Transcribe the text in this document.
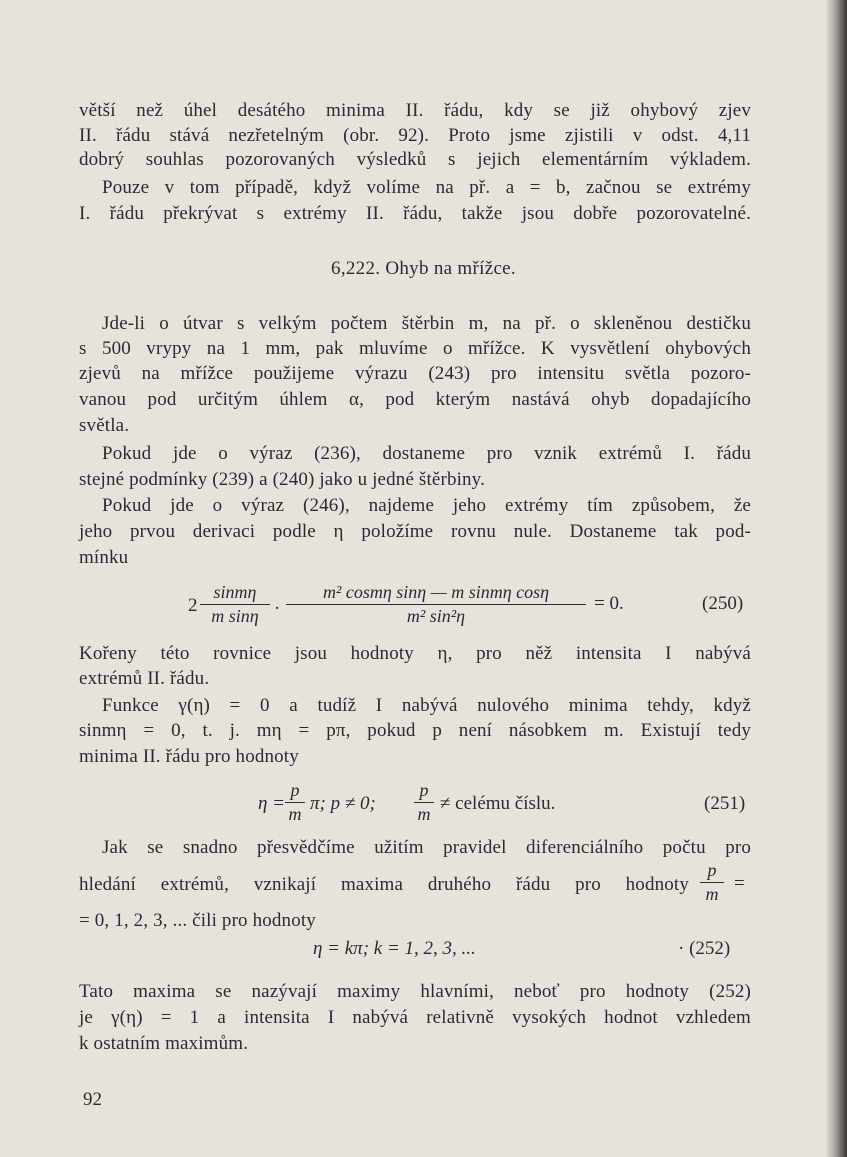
větší než úhel desátého minima II. řádu, kdy se již ohybový zjev
II. řádu stává nezřetelným (obr. 92). Proto jsme zjistili v odst. 4,11
dobrý souhlas pozorovaných výsledků s jejich elementárním výkladem.
Pouze v tom případě, když volíme na př. a = b, začnou se extrémy
I. řádu překrývat s extrémy II. řádu, takže jsou dobře pozorovatelné.
6,222. Ohyb na mřížce.
Jde-li o útvar s velkým počtem štěrbin m, na př. o skleněnou destičku
s 500 vrypy na 1 mm, pak mluvíme o mřížce. K vysvětlení ohybových
zjevů na mřížce použijeme výrazu (243) pro intensitu světla pozoro-
vanou pod určitým úhlem α, pod kterým nastává ohyb dopadajícího
světla.
Pokud jde o výraz (236), dostaneme pro vznik extrémů I. řádu
stejné podmínky (239) a (240) jako u jedné štěrbiny.
Pokud jde o výraz (246), najdeme jeho extrémy tím způsobem, že
jeho prvou derivaci podle η položíme rovnu nule. Dostaneme tak pod-
mínku
2
sinmη
m sinη ·
m² cosmη sinη — m sinmη cosη
m² sin²η
= 0.	(250)
Kořeny této rovnice jsou hodnoty η, pro něž intensita I nabývá
extrémů II. řádu.
Funkce γ(η) = 0 a tudíž I nabývá nulového minima tehdy, když
sinmη = 0, t. j. mη = pπ, pokud p není násobkem m. Existují tedy
minima II. řádu pro hodnoty
η =
p
m π; p ≠ 0;
p
m ≠ celému číslu.	(251)
Jak se snadno přesvědčíme užitím pravidel diferenciálního počtu pro
hledání extrémů, vznikají maxima druhého řádu pro hodnoty
p
m =
= 0, 1, 2, 3, ... čili pro hodnoty
η = kπ; k = 1, 2, 3, ...	· (252)
Tato maxima se nazývají maximy hlavními, neboť pro hodnoty (252)
je γ(η) = 1 a intensita I nabývá relativně vysokých hodnot vzhledem
k ostatním maximům.
92
